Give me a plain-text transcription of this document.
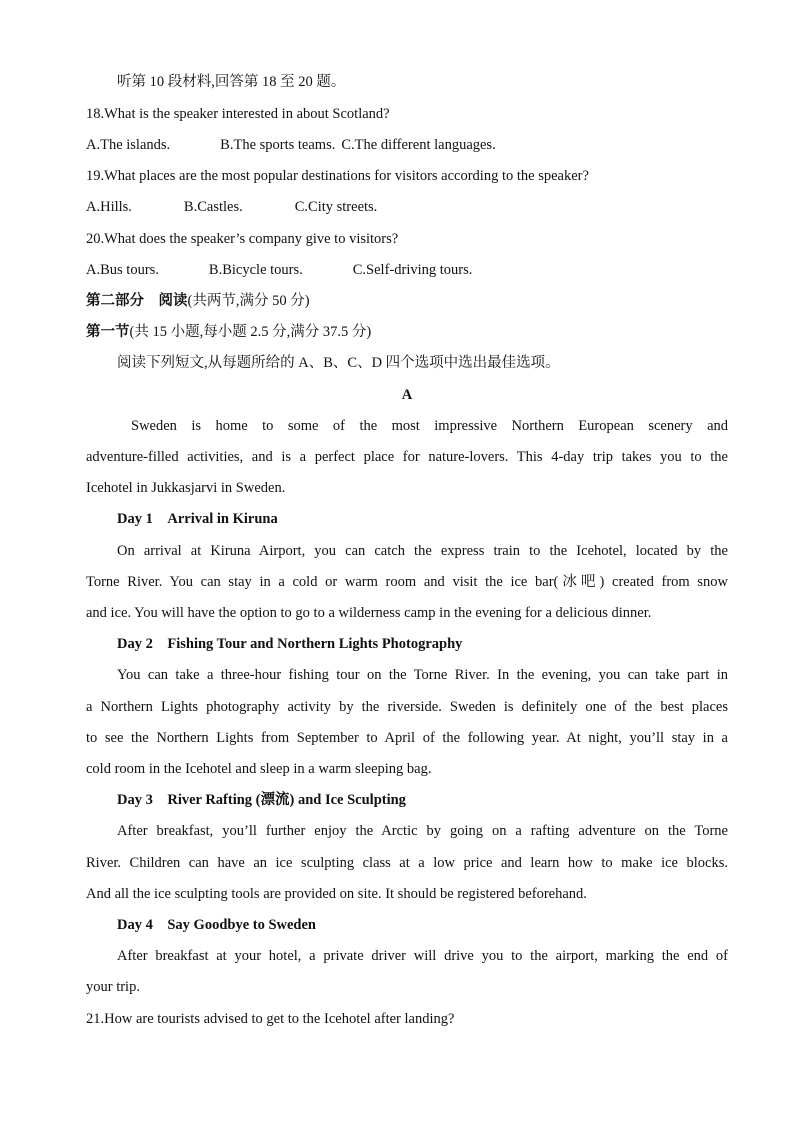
听第 10 段材料,回答第 18 至 20 题。
18.What is the speaker interested in about Scotland?
A.The islands.	B.The sports teams. C.The different languages.
19.What places are the most popular destinations for visitors according to the speaker?
A.Hills.	B.Castles.	C.City streets.
20.What does the speaker’s company give to visitors?
A.Bus tours.	B.Bicycle tours.	C.Self-driving tours.
第二部分　阅读(共两节,满分 50 分)
第一节(共 15 小题,每小题 2.5 分,满分 37.5 分)
阅读下列短文,从每题所给的 A、B、C、D 四个选项中选出最佳选项。
A
Sweden is home to some of the most impressive Northern European scenery and
adventure-filled activities, and is a perfect place for nature-lovers. This 4-day trip takes you to the
Icehotel in Jukkasjarvi in Sweden.
Day 1　Arrival in Kiruna
On arrival at Kiruna Airport, you can catch the express train to the Icehotel, located by the
Torne River. You can stay in a cold or warm room and visit the ice bar(冰吧) created from snow
and ice. You will have the option to go to a wilderness camp in the evening for a delicious dinner.
Day 2　Fishing Tour and Northern Lights Photography
You can take a three-hour fishing tour on the Torne River. In the evening, you can take part in
a Northern Lights photography activity by the riverside. Sweden is definitely one of the best places
to see the Northern Lights from September to April of the following year. At night, you’ll stay in a
cold room in the Icehotel and sleep in a warm sleeping bag.
Day 3　River Rafting (漂流) and Ice Sculpting
After breakfast, you’ll further enjoy the Arctic by going on a rafting adventure on the Torne
River. Children can have an ice sculpting class at a low price and learn how to make ice blocks.
And all the ice sculpting tools are provided on site. It should be registered beforehand.
Day 4　Say Goodbye to Sweden
After breakfast at your hotel, a private driver will drive you to the airport, marking the end of
your trip.
21.How are tourists advised to get to the Icehotel after landing?
